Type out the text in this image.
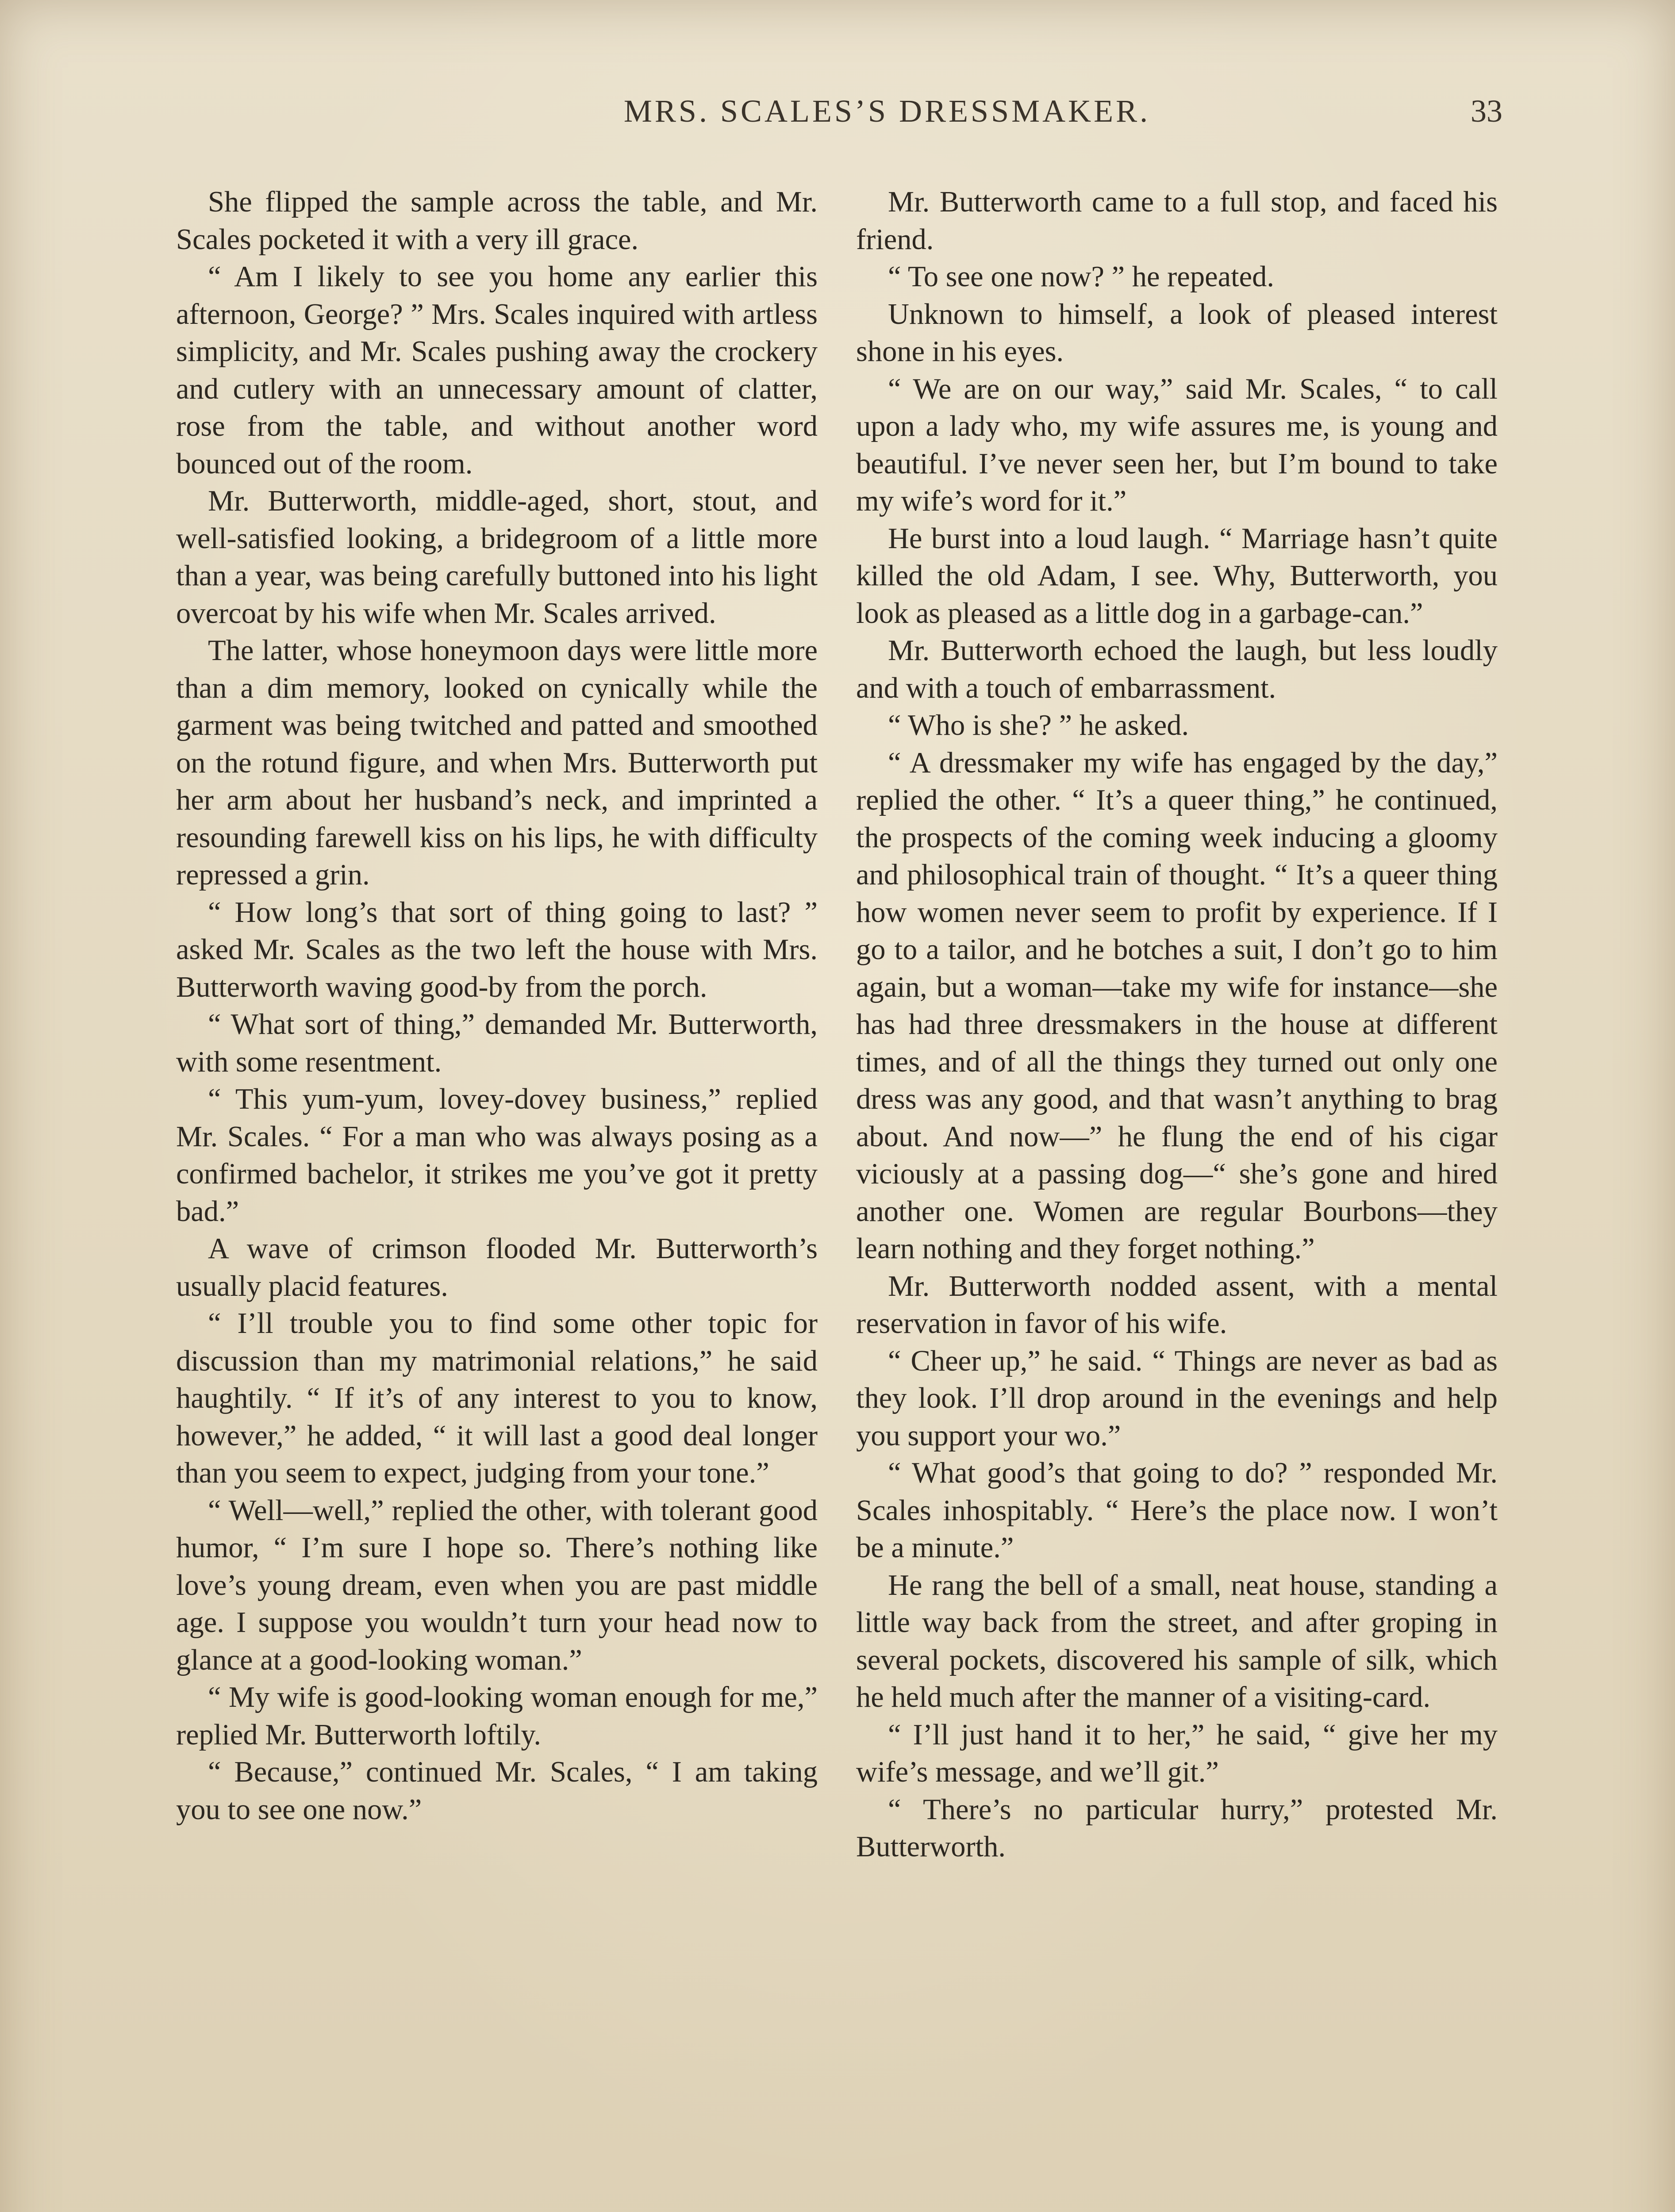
MRS. SCALES’S DRESSMAKER.	33

She flipped the sample across the table, and Mr. Scales pocketed it with a very ill grace.

“ Am I likely to see you home any earlier this afternoon, George? ” Mrs. Scales inquired with artless simplicity, and Mr. Scales pushing away the crockery and cutlery with an unnecessary amount of clatter, rose from the table, and without another word bounced out of the room.

Mr. Butterworth, middle-aged, short, stout, and well-satisfied looking, a bridegroom of a little more than a year, was being carefully buttoned into his light overcoat by his wife when Mr. Scales arrived.

The latter, whose honeymoon days were little more than a dim memory, looked on cynically while the garment was being twitched and patted and smoothed on the rotund figure, and when Mrs. Butterworth put her arm about her husband’s neck, and imprinted a resounding farewell kiss on his lips, he with difficulty repressed a grin.

“ How long’s that sort of thing going to last? ” asked Mr. Scales as the two left the house with Mrs. Butterworth waving good-by from the porch.

“ What sort of thing,” demanded Mr. Butterworth, with some resentment.

“ This yum-yum, lovey-dovey business,” replied Mr. Scales. “ For a man who was always posing as a confirmed bachelor, it strikes me you’ve got it pretty bad.”

A wave of crimson flooded Mr. Butterworth’s usually placid features.

“ I’ll trouble you to find some other topic for discussion than my matrimonial relations,” he said haughtily. “ If it’s of any interest to you to know, however,” he added, “ it will last a good deal longer than you seem to expect, judging from your tone.”

“ Well—well,” replied the other, with tolerant good humor, “ I’m sure I hope so. There’s nothing like love’s young dream, even when you are past middle age. I suppose you wouldn’t turn your head now to glance at a good-looking woman.”

“ My wife is good-looking woman enough for me,” replied Mr. Butterworth loftily.

“ Because,” continued Mr. Scales, “ I am taking you to see one now.”

Mr. Butterworth came to a full stop, and faced his friend.

“ To see one now? ” he repeated.

Unknown to himself, a look of pleased interest shone in his eyes.

“ We are on our way,” said Mr. Scales, “ to call upon a lady who, my wife assures me, is young and beautiful. I’ve never seen her, but I’m bound to take my wife’s word for it.”

He burst into a loud laugh. “ Marriage hasn’t quite killed the old Adam, I see. Why, Butterworth, you look as pleased as a little dog in a garbage-can.”

Mr. Butterworth echoed the laugh, but less loudly and with a touch of embarrassment.

“ Who is she? ” he asked.

“ A dressmaker my wife has engaged by the day,” replied the other. “ It’s a queer thing,” he continued, the prospects of the coming week inducing a gloomy and philosophical train of thought. “ It’s a queer thing how women never seem to profit by experience. If I go to a tailor, and he botches a suit, I don’t go to him again, but a woman—take my wife for instance—she has had three dressmakers in the house at different times, and of all the things they turned out only one dress was any good, and that wasn’t anything to brag about. And now—” he flung the end of his cigar viciously at a passing dog—“ she’s gone and hired another one. Women are regular Bourbons—they learn nothing and they forget nothing.”

Mr. Butterworth nodded assent, with a mental reservation in favor of his wife.

“ Cheer up,” he said. “ Things are never as bad as they look. I’ll drop around in the evenings and help you support your wo.”

“ What good’s that going to do? ” responded Mr. Scales inhospitably. “ Here’s the place now. I won’t be a minute.”

He rang the bell of a small, neat house, standing a little way back from the street, and after groping in several pockets, discovered his sample of silk, which he held much after the manner of a visiting-card.

“ I’ll just hand it to her,” he said, “ give her my wife’s message, and we’ll git.”

“ There’s no particular hurry,” protested Mr. Butterworth.
